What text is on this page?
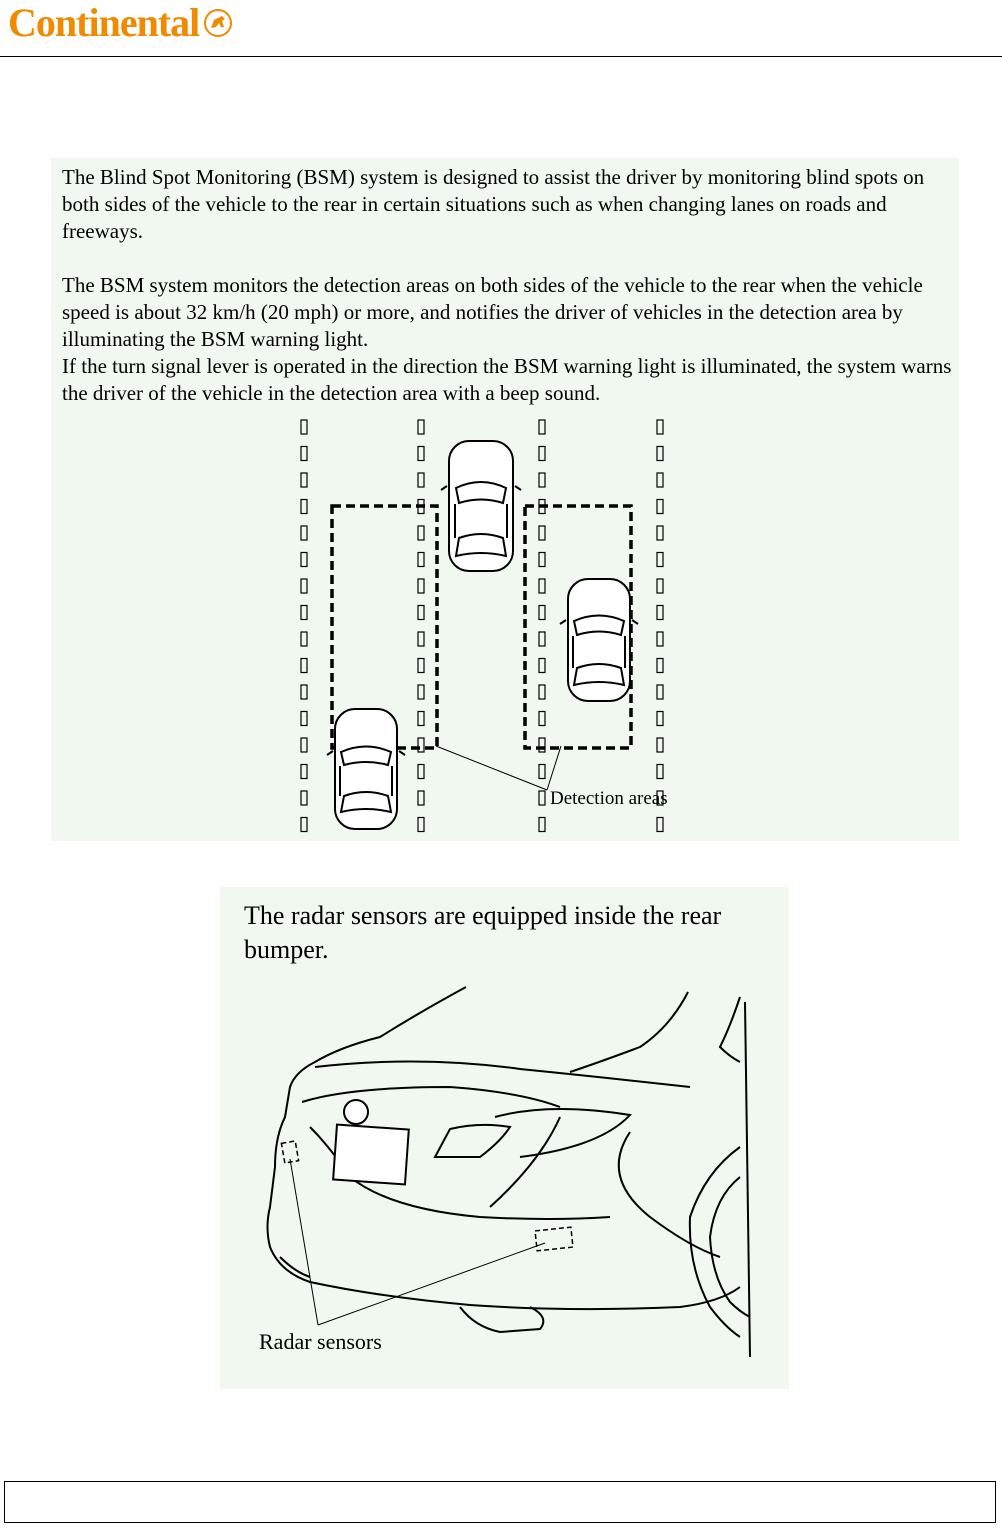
Continental

The Blind Spot Monitoring (BSM) system is designed to assist the driver by monitoring blind spots on both sides of the vehicle to the rear in certain situations such as when changing lanes on roads and freeways.

The BSM system monitors the detection areas on both sides of the vehicle to the rear when the vehicle speed is about 32 km/h (20 mph) or more, and notifies the driver of vehicles in the detection area by illuminating the BSM warning light.

If the turn signal lever is operated in the direction the BSM warning light is illuminated, the system warns the driver of the vehicle in the detection area with a beep sound.

Detection areas
The radar sensors are equipped inside the rear bumper.
Radar sensors
